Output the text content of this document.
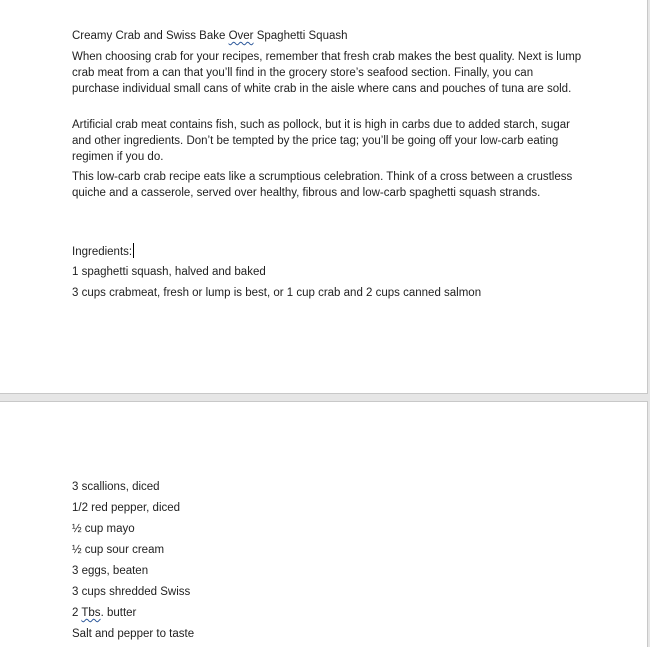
Creamy Crab and Swiss Bake Over Spaghetti Squash

When choosing crab for your recipes, remember that fresh crab makes the best quality. Next is lump crab meat from a can that you’ll find in the grocery store’s seafood section. Finally, you can purchase individual small cans of white crab in the aisle where cans and pouches of tuna are sold.

Artificial crab meat contains fish, such as pollock, but it is high in carbs due to added starch, sugar and other ingredients. Don’t be tempted by the price tag; you’ll be going off your low-carb eating regimen if you do.

This low-carb crab recipe eats like a scrumptious celebration. Think of a cross between a crustless quiche and a casserole, served over healthy, fibrous and low-carb spaghetti squash strands.

Ingredients:

1 spaghetti squash, halved and baked

3 cups crabmeat, fresh or lump is best, or 1 cup crab and 2 cups canned salmon

3 scallions, diced

1/2 red pepper, diced

½ cup mayo

½ cup sour cream

3 eggs, beaten

3 cups shredded Swiss

2 Tbs. butter

Salt and pepper to taste
